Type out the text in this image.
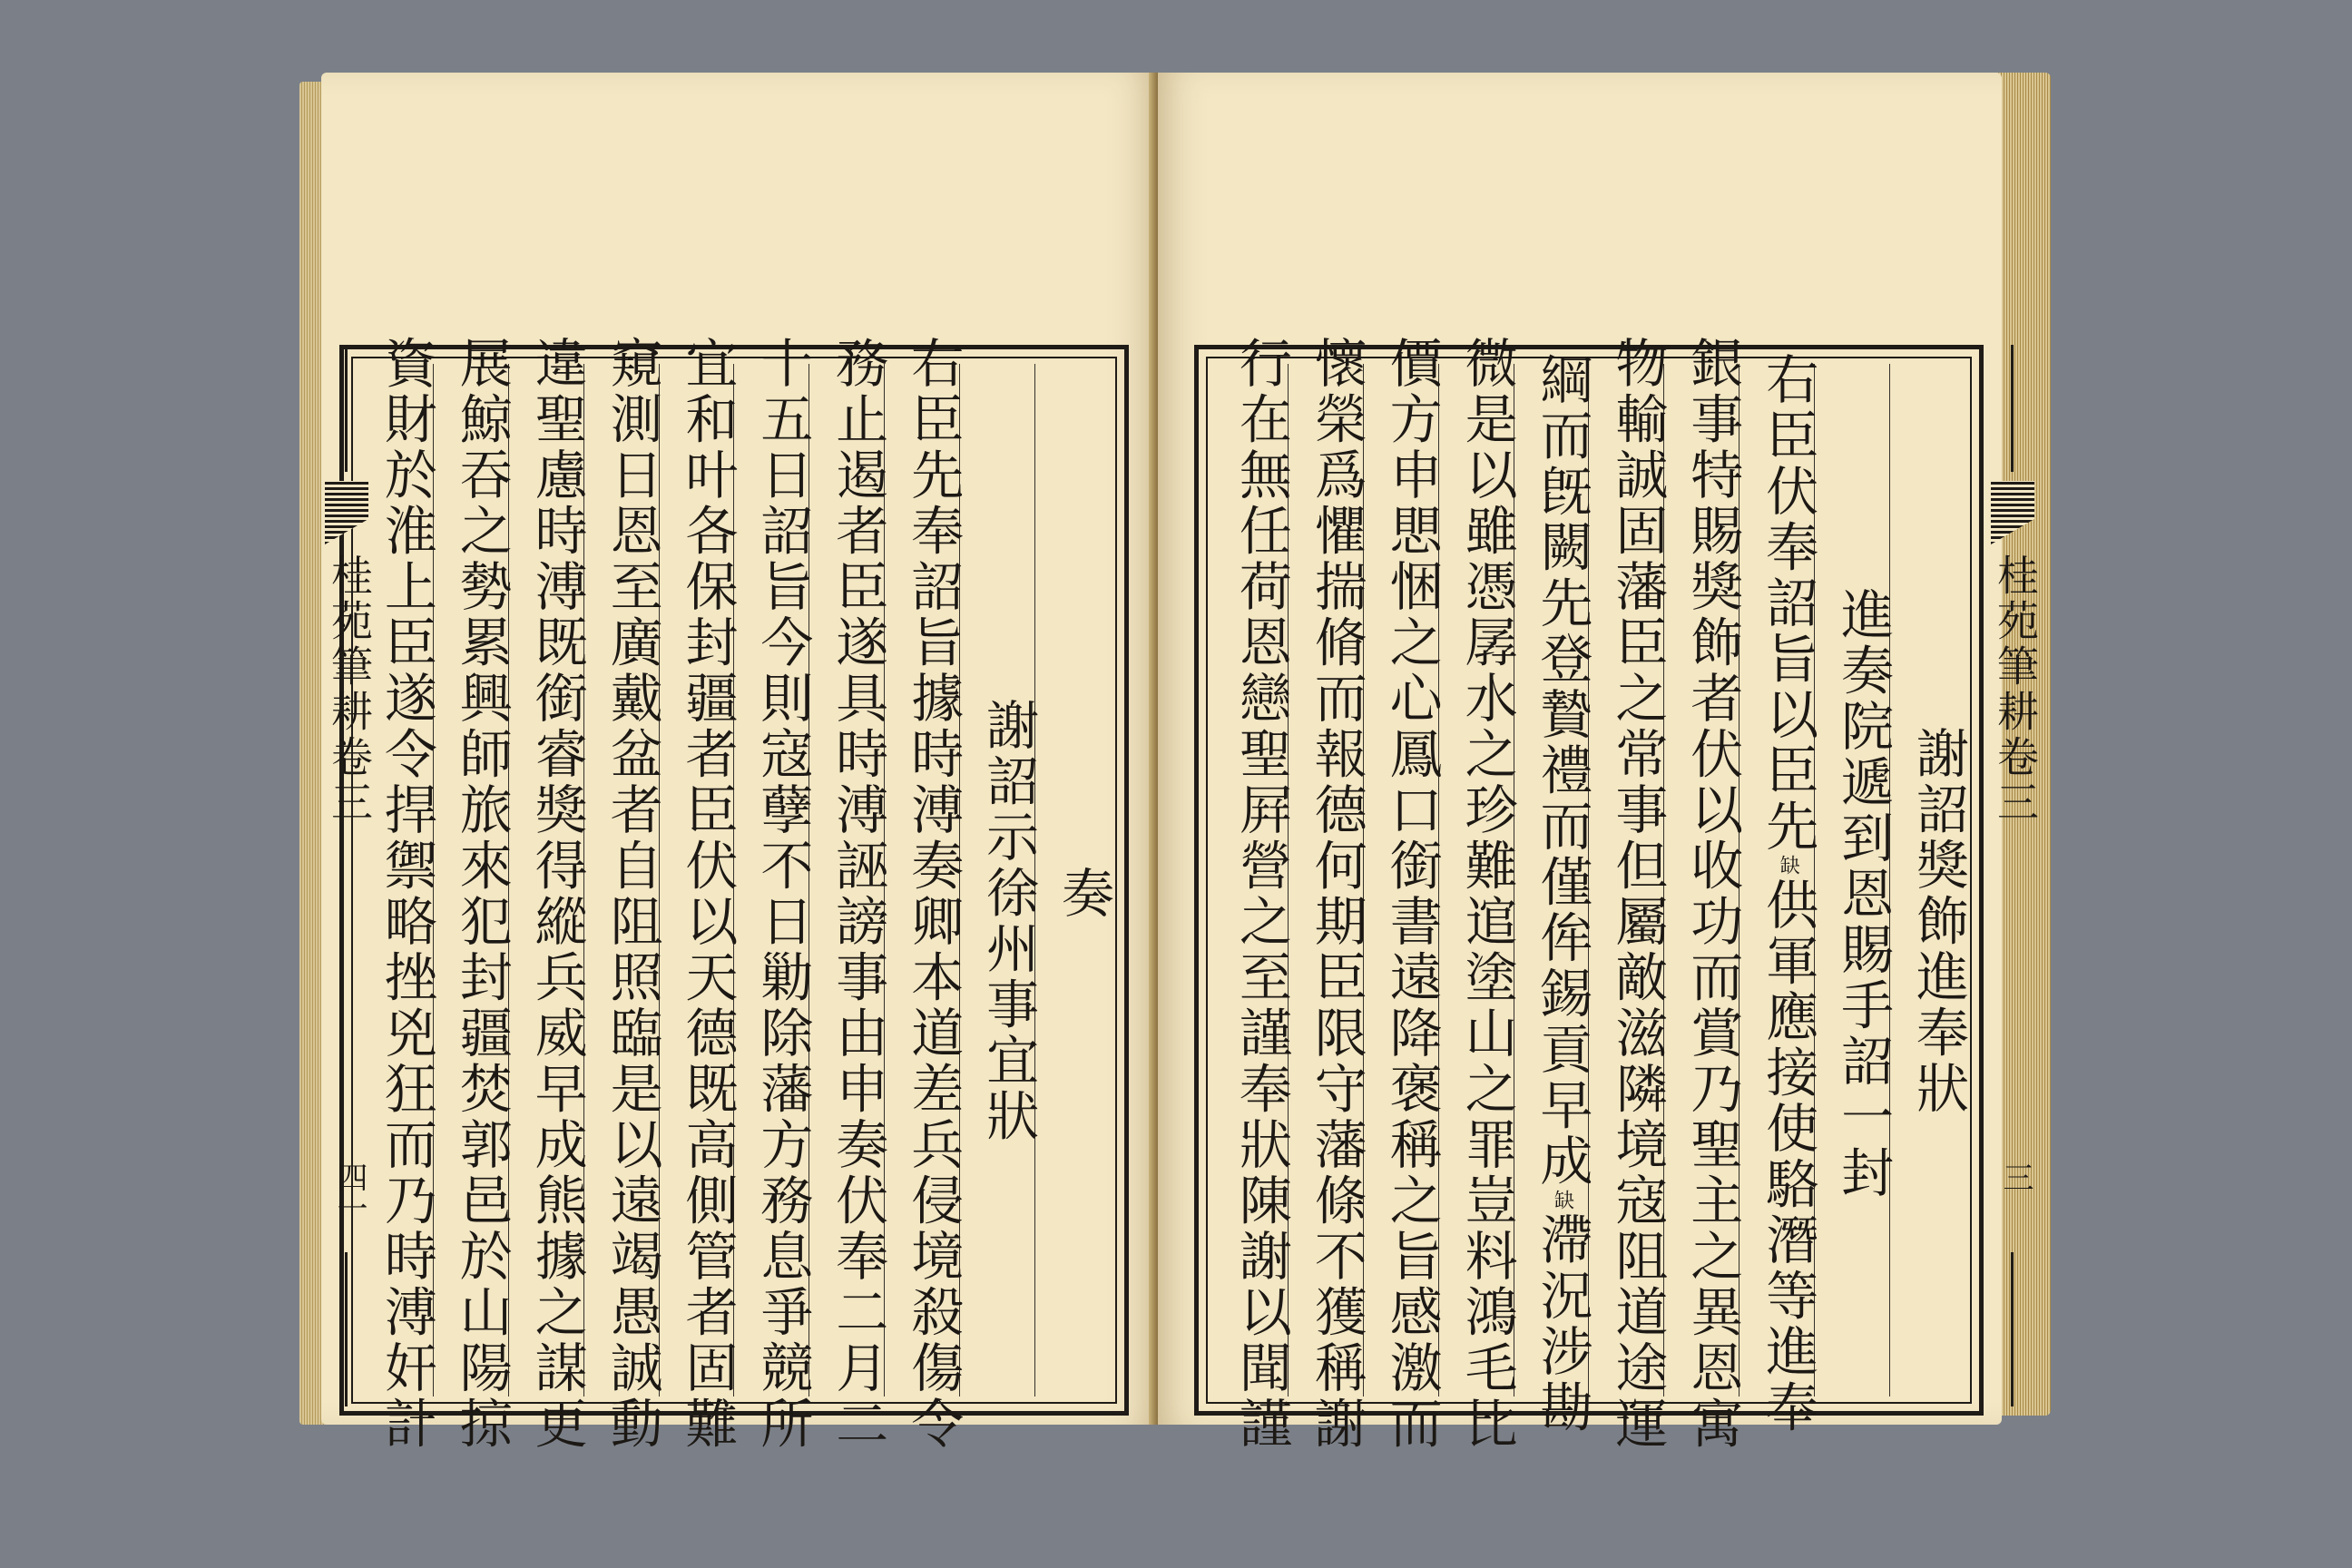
奏
謝詔示徐州事宜狀
右臣先奉詔旨據時溥奏卿本道差兵侵境殺傷令
務止遏者臣遂具時溥誣謗事由申奏伏奉二月二
十五日詔旨今則寇孽不日勦除藩方務息爭競所
宜和叶各保封疆者臣伏以天德既高側管者固難
窺測日恩至廣戴盆者自阻照臨是以遠竭愚誠動
違聖慮時溥既銜睿獎得縱兵威早成熊據之謀更
展鯨吞之勢累興師旅來犯封疆焚郭邑於山陽掠
資財於淮上臣遂令捍禦略挫兇狂而乃時溥奸計
桂苑筆耕卷三
四一
謝詔獎飾進奉狀
進奏院遞到恩賜手詔一封
右臣伏奉詔旨以臣先缺供軍應接使駱潛等進奉
銀事特賜獎飾者伏以收功而賞乃聖主之異恩寓
物輸誠固藩臣之常事但屬敵滋隣境寇阻道途運
綱而旣闕先登贄禮而僅侔錫貢早成缺滯況涉勘
微是以雖憑孱水之珍難逭塗山之罪豈料鴻毛比
價方申愳悃之心鳳口銜書遠降褒稱之旨感激而
懷榮爲懼揣脩而報德何期臣限守藩條不獲稱謝
行在無任荷恩戀聖屛營之至謹奉狀陳謝以聞謹	桂苑筆耕卷三
三
